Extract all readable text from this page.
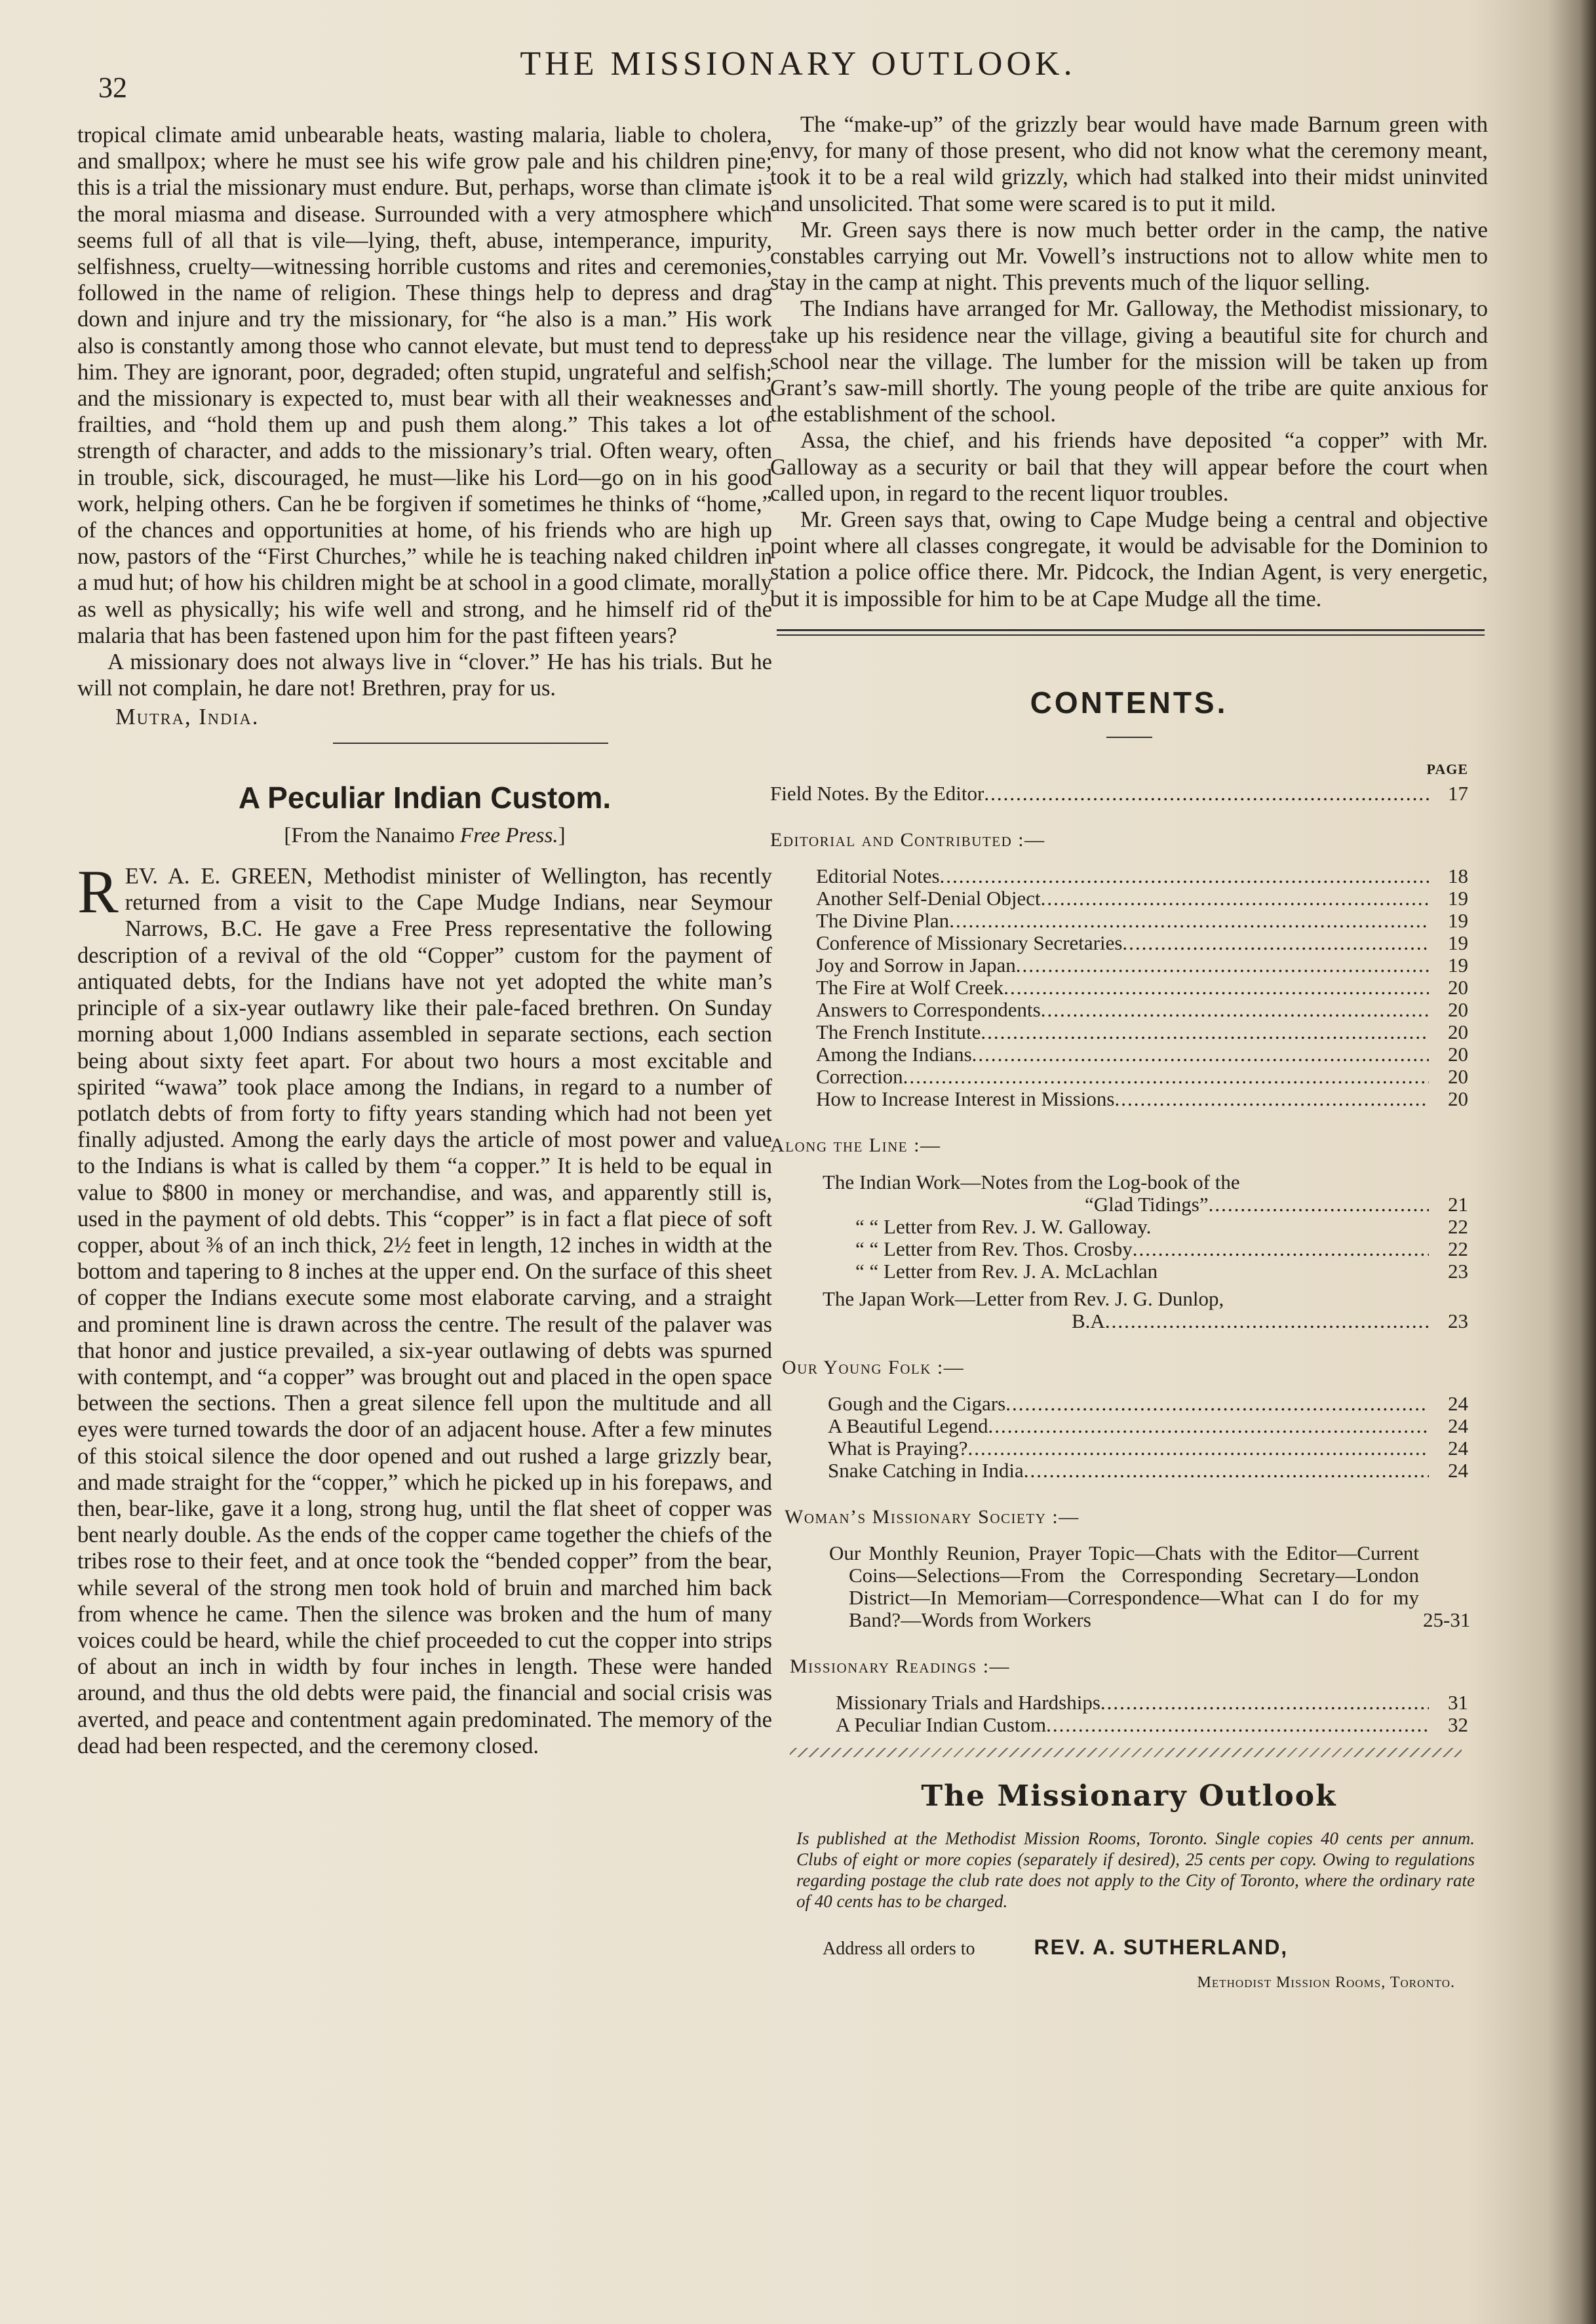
32
THE MISSIONARY OUTLOOK.

tropical climate amid unbearable heats, wasting malaria, liable to cholera, and smallpox; where he must see his wife grow pale and his children pine; this is a trial the missionary must endure. But, perhaps, worse than climate is the moral miasma and disease. Surrounded with a very atmosphere which seems full of all that is vile—lying, theft, abuse, intemperance, impurity, selfishness, cruelty—witnessing horrible customs and rites and ceremonies, followed in the name of religion. These things help to depress and drag down and injure and try the missionary, for “he also is a man.” His work also is constantly among those who cannot elevate, but must tend to depress him. They are ignorant, poor, degraded; often stupid, ungrateful and selfish; and the missionary is expected to, must bear with all their weaknesses and frailties, and “hold them up and push them along.” This takes a lot of strength of character, and adds to the missionary’s trial. Often weary, often in trouble, sick, discouraged, he must—like his Lord—go on in his good work, helping others. Can he be forgiven if sometimes he thinks of “home,” of the chances and opportunities at home, of his friends who are high up now, pastors of the “First Churches,” while he is teaching naked children in a mud hut; of how his children might be at school in a good climate, morally as well as physically; his wife well and strong, and he himself rid of the malaria that has been fastened upon him for the past fifteen years?

A missionary does not always live in “clover.” He has his trials. But he will not complain, he dare not! Brethren, pray for us.

Mutra, India.

A Peculiar Indian Custom.
[From the Nanaimo Free Press.]

REV. A. E. GREEN, Methodist minister of Wellington, has recently returned from a visit to the Cape Mudge Indians, near Seymour Narrows, B.C. He gave a Free Press representative the following description of a revival of the old “Copper” custom for the payment of antiquated debts, for the Indians have not yet adopted the white man’s principle of a six-year outlawry like their pale-faced brethren. On Sunday morning about 1,000 Indians assembled in separate sections, each section being about sixty feet apart. For about two hours a most excitable and spirited “wawa” took place among the Indians, in regard to a number of potlatch debts of from forty to fifty years standing which had not been yet finally adjusted. Among the early days the article of most power and value to the Indians is what is called by them “a copper.” It is held to be equal in value to $800 in money or merchandise, and was, and apparently still is, used in the payment of old debts. This “copper” is in fact a flat piece of soft copper, about ⅜ of an inch thick, 2½ feet in length, 12 inches in width at the bottom and tapering to 8 inches at the upper end. On the surface of this sheet of copper the Indians execute some most elaborate carving, and a straight and prominent line is drawn across the centre. The result of the palaver was that honor and justice prevailed, a six-year outlawing of debts was spurned with contempt, and “a copper” was brought out and placed in the open space between the sections. Then a great silence fell upon the multitude and all eyes were turned towards the door of an adjacent house. After a few minutes of this stoical silence the door opened and out rushed a large grizzly bear, and made straight for the “copper,” which he picked up in his forepaws, and then, bear-like, gave it a long, strong hug, until the flat sheet of copper was bent nearly double. As the ends of the copper came together the chiefs of the tribes rose to their feet, and at once took the “bended copper” from the bear, while several of the strong men took hold of bruin and marched him back from whence he came. Then the silence was broken and the hum of many voices could be heard, while the chief proceeded to cut the copper into strips of about an inch in width by four inches in length. These were handed around, and thus the old debts were paid, the financial and social crisis was averted, and peace and contentment again predominated. The memory of the dead had been respected, and the ceremony closed.

The “make-up” of the grizzly bear would have made Barnum green with envy, for many of those present, who did not know what the ceremony meant, took it to be a real wild grizzly, which had stalked into their midst uninvited and unsolicited. That some were scared is to put it mild.

Mr. Green says there is now much better order in the camp, the native constables carrying out Mr. Vowell’s instructions not to allow white men to stay in the camp at night. This prevents much of the liquor selling.

The Indians have arranged for Mr. Galloway, the Methodist missionary, to take up his residence near the village, giving a beautiful site for church and school near the village. The lumber for the mission will be taken up from Grant’s saw-mill shortly. The young people of the tribe are quite anxious for the establishment of the school.

Assa, the chief, and his friends have deposited “a copper” with Mr. Galloway as a security or bail that they will appear before the court when called upon, in regard to the recent liquor troubles.

Mr. Green says that, owing to Cape Mudge being a central and objective point where all classes congregate, it would be advisable for the Dominion to station a police office there. Mr. Pidcock, the Indian Agent, is very energetic, but it is impossible for him to be at Cape Mudge all the time.

CONTENTS.
PAGE
Field Notes. By the Editor .....	17
Editorial and Contributed :—
Editorial Notes .....	18
Another Self-Denial Object .....	19
The Divine Plan .....	19
Conference of Missionary Secretaries .....	19
Joy and Sorrow in Japan .....	19
The Fire at Wolf Creek .....	20
Answers to Correspondents .....	20
The French Institute .....	20
Among the Indians .....	20
Correction .....	20
How to Increase Interest in Missions .....	20
Along the Line :—
The Indian Work—Notes from the Log-book of the
“Glad Tidings” .....	21
“ “ Letter from Rev. J. W. Galloway.	22
“ “ Letter from Rev. Thos. Crosby .....	22
“ “ Letter from Rev. J. A. McLachlan	23
The Japan Work—Letter from Rev. J. G. Dunlop,
B.A .....	23
Our Young Folk :—
Gough and the Cigars .....	24
A Beautiful Legend .....	24
What is Praying? .....	24
Snake Catching in India .....	24
Woman’s Missionary Society :—
Our Monthly Reunion, Prayer Topic—Chats with the Editor—Current Coins—Selections—From the Corresponding Secretary—London District—In Memoriam—Correspondence—What can I do for my Band?—Words from Workers	25-31
Missionary Readings :—
Missionary Trials and Hardships .....	31
A Peculiar Indian Custom .....	32
The Missionary Outlook

Is published at the Methodist Mission Rooms, Toronto. Single copies 40 cents per annum. Clubs of eight or more copies (separately if desired), 25 cents per copy. Owing to regulations regarding postage the club rate does not apply to the City of Toronto, where the ordinary rate of 40 cents has to be charged.

Address all orders to	REV. A. SUTHERLAND,
Methodist Mission Rooms, Toronto.
